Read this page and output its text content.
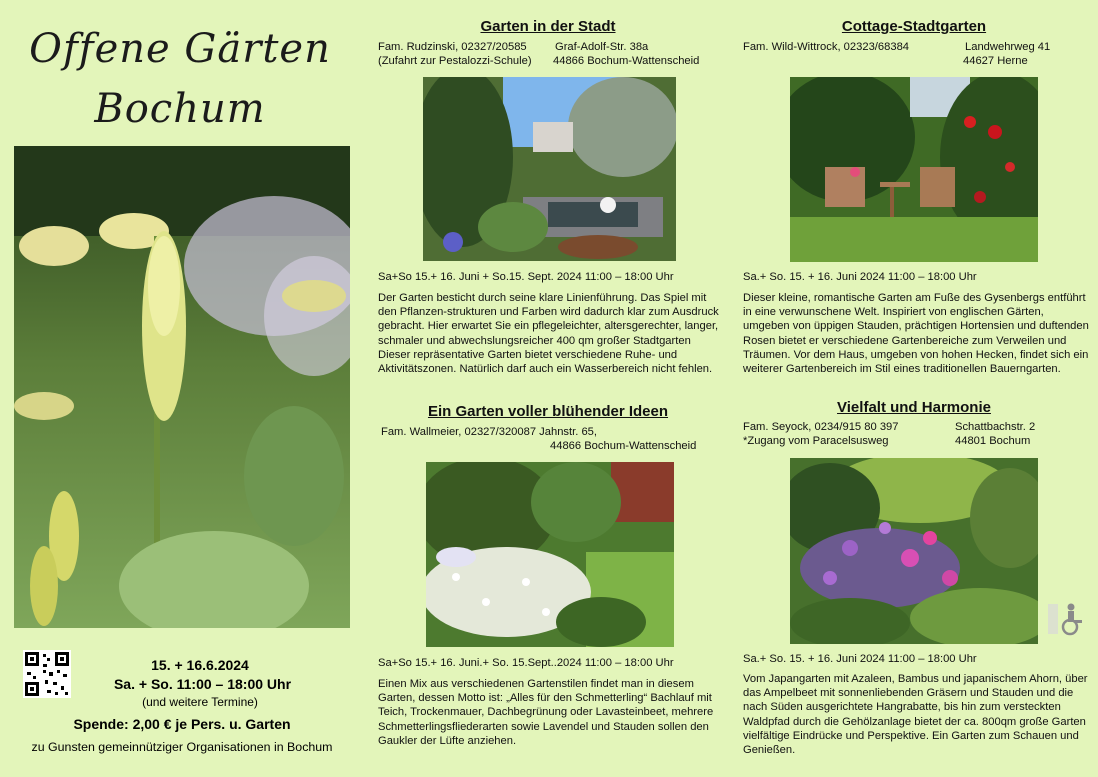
Offene Gärten
Bochum
15. + 16.6.2024
Sa. + So. 11:00 – 18:00 Uhr
(und weitere Termine)
Spende: 2,00 € je Pers. u. Garten
zu Gunsten gemeinnütziger Organisationen in Bochum
Garten in der Stadt
Fam. Rudzinski, 02327/20585	Graf-Adolf-Str. 38a
(Zufahrt zur Pestalozzi-Schule) 44866 Bochum-Wattenscheid
Sa+So 15.+ 16. Juni + So.15. Sept. 2024 11:00 – 18:00 Uhr
Der Garten besticht durch seine klare Linienführung. Das Spiel mit den Pflanzen-strukturen und Farben wird dadurch klar zum Ausdruck gebracht. Hier erwartet Sie ein pflegeleichter, altersgerechter, langer, schmaler und abwechslungsreicher 400 qm großer Stadtgarten Dieser repräsentative Garten bietet verschiedene Ruhe- und Aktivitätszonen. Natürlich darf auch ein Wasserbereich nicht fehlen.
Cottage-Stadtgarten
Fam. Wild-Wittrock, 02323/68384	Landwehrweg 41
44627 Herne
Sa.+ So. 15. + 16. Juni 2024 11:00 – 18:00 Uhr
Dieser kleine, romantische Garten am Fuße des Gysenbergs entführt in eine verwunschene Welt. Inspiriert von englischen Gärten, umgeben von üppigen Stauden, prächtigen Hortensien und duftenden Rosen bietet er verschiedene Gartenbereiche zum Verweilen und Träumen. Vor dem Haus, umgeben von hohen Hecken, findet sich ein weiterer Gartenbereich im Stil eines traditionellen Bauerngarten.
Ein Garten voller blühender Ideen
Fam. Wallmeier, 02327/320087 Jahnstr. 65,
44866 Bochum-Wattenscheid
Sa+So 15.+ 16. Juni.+ So. 15.Sept..2024 11:00 – 18:00 Uhr
Einen Mix aus verschiedenen Gartenstilen findet man in diesem Garten, dessen Motto ist: „Alles für den Schmetterling“ Bachlauf mit Teich, Trockenmauer, Dachbegrünung oder Lavasteinbeet, mehrere Schmetterlingsfliederarten sowie Lavendel und Stauden sollen den Gaukler der Lüfte anziehen.
Vielfalt und Harmonie
Fam. Seyock, 0234/915 80 397	Schattbachstr. 2
*Zugang vom Paracelsusweg	44801 Bochum
Sa.+ So. 15. + 16. Juni 2024 11:00 – 18:00 Uhr
Vom Japangarten mit Azaleen, Bambus und japanischem Ahorn, über das Ampelbeet mit sonnenliebenden Gräsern und Stauden und die nach Süden ausgerichtete Hangrabatte, bis hin zum versteckten Waldpfad durch die Gehölzanlage bietet der ca. 800qm große Garten vielfältige Eindrücke und Perspektive. Ein Garten zum Schauen und Genießen.
